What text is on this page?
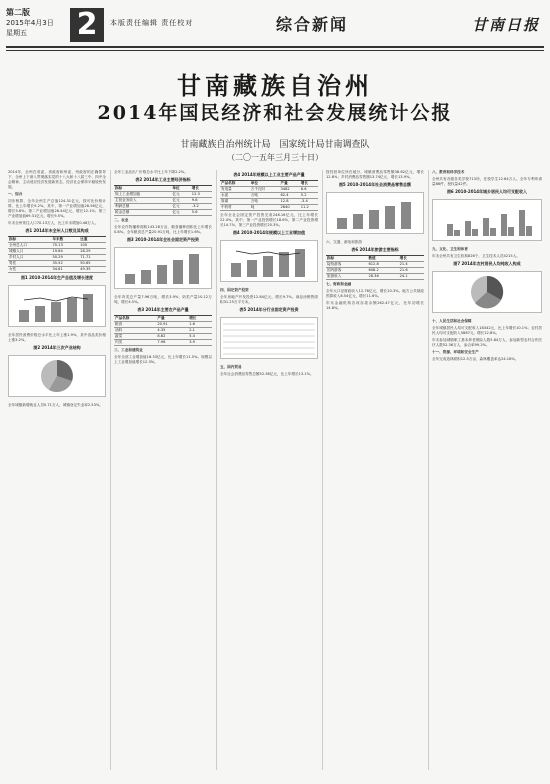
第二版
2015年4月3日
星期五	2	本版责任编辑 责任校对	综合新闻	甘南日报
甘南藏族自治州
2014年国民经济和社会发展统计公报
甘南藏族自治州统计局　国家统计局甘南调查队
（二〇一五年三月三十日）

2014年，全州在省委、省政府和州委、州政府的正确领导下，全州上下深入贯彻落实党的十八大和十八届三中、四中全会精神，主动适应经济发展新常态，经济社会保持平稳较快发展。

一、综合

初步核算，全年全州生产总值124.31亿元，按可比价格计算，比上年增长9.2%。其中，第一产业增加值28.56亿元，增长5.8%；第二产业增加值26.44亿元，增长12.1%；第三产业增加值69.31亿元，增长9.5%。

年末全州常住人口70.13万人，比上年末增加0.48万人。

表1 2014年末全州人口数及其构成
指标	年末数	比重
全州总人口	70.13	100
城镇人口	19.84	28.29
乡村人口	50.29	71.71
男性	35.52	50.65
女性	34.61	49.35
图1 2010-2014年生产总值及增长速度

全年居民消费价格总水平比上年上涨1.9%，其中食品类价格上涨3.2%。

图2 2014年三次产业结构

全年城镇新增就业人员0.71万人，城镇登记失业率2.53%。

全年工业品出厂价格总水平比上年下降2.2%。

表2 2014年工业主要经济指标
指标	单位	增长
规上工业增加值	亿元	12.3
主营业务收入	亿元	9.8
利润总额	亿元	-3.2
税金总额	亿元	5.6

二、农业

全年农作物播种面积143.28万亩，粮食播种面积比上年增长0.8%。全年粮食总产量20.91万吨，比上年增长1.6%。

图3 2010-2014年全社会固定资产投资

全年肉类总产量7.96万吨，增长3.9%；奶类产量10.12万吨，增长4.5%。

表3 2014年主要农产品产量
产品名称	产量	增长
粮食	20.91	1.6
油料	4.35	2.1
蔬菜	8.62	5.4
肉类	7.96	3.9

三、工业和建筑业

全年全部工业增加值18.33亿元，比上年增长11.5%。规模以上工业增加值增长12.3%。

表4 2014年规模以上工业主要产品产量
产品名称	单位	产量	增长
发电量	万千瓦时	3482	8.6
水泥	万吨	62.4	5.2
原煤	万吨	12.8	-3.4
中药材	吨	2840	11.2

全年全社会固定资产投资完成248.16亿元，比上年增长22.4%。其中，第一产业投资增长18.6%，第二产业投资增长14.7%，第三产业投资增长25.3%。

图4 2010-2014年规模以上工业增加值

四、固定资产投资

全年房地产开发投资12.84亿元，增长9.7%。商品房销售面积31.25万平方米。

表5 2014年分行业固定资产投资

五、国内贸易

全年社会消费品零售总额52.36亿元，比上年增长13.1%。

按经营单位所在地分，城镇消费品零售额38.62亿元，增长12.8%；乡村消费品零售额13.74亿元，增长13.9%。

图5 2010-2014年社会消费品零售总额

六、交通、邮电和旅游

表6 2014年旅游主要指标
指标	数值	增长
接待游客	612.8	21.4
国内游客	608.2	21.6
旅游收入	28.36	24.1

七、财政和金融

全年大口径财政收入12.76亿元，增长10.3%。地方公共财政预算收入8.54亿元，增长11.6%。

年末金融机构各项存款余额262.47亿元，比年初增长14.8%。

八、教育和科学技术

全州共有各级各类学校713所，在校学生12.64万人。全年专利申请量86件，授权量42件。

图6 2010-2014年城乡居民人均可支配收入

九、文化、卫生和体育

年末全州共有卫生机构826个，卫生技术人员4215人。

图7 2014年农村居民人均纯收入构成

十、人民生活和社会保障

全年城镇居民人均可支配收入18342元，比上年增长10.1%；农村居民人均可支配收入5867元，增长12.8%。

年末参加城镇职工基本养老保险人数5.84万人，参加新型农村合作医疗人数52.36万人，参合率99.2%。

十一、资源、环境和安全生产

全年完成造林面积12.5万亩，森林覆盖率达24.18%。
